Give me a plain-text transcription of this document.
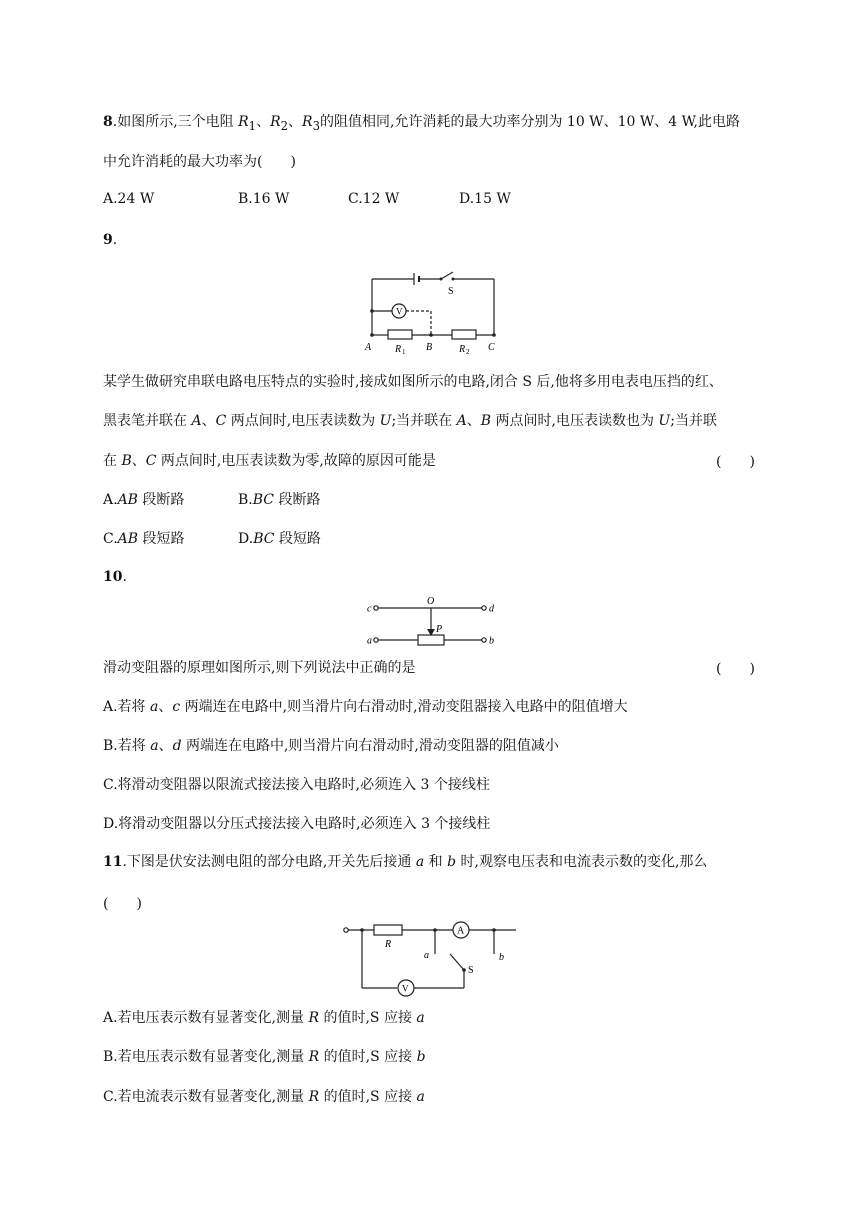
8.如图所示,三个电阻 $R_1$、$R_2$、$R_3$的阻值相同,允许消耗的最大功率分别为 10 W、10 W、4 W,此电路
中允许消耗的最大功率为(　　)
A.24 W	B.16 W	C.12 W	D.15 W
9.
S
V
A R 1 B	R 2 C
某学生做研究串联电路电压特点的实验时,接成如图所示的电路,闭合 S 后,他将多用电表电压挡的红、
黑表笔并联在 A、C 两点间时,电压表读数为 U;当并联在 A、B 两点间时,电压表读数也为 U;当并联
在 B、C 两点间时,电压表读数为零,故障的原因可能是	(　　)
A.AB 段断路	B.BC 段断路
C.AB 段短路	D.BC 段短路
10.
c
O
d
a
P
b
滑动变阻器的原理如图所示,则下列说法中正确的是	(　　)
A.若将 a、c 两端连在电路中,则当滑片向右滑动时,滑动变阻器接入电路中的阻值增大
B.若将 a、d 两端连在电路中,则当滑片向右滑动时,滑动变阻器的阻值减小
C.将滑动变阻器以限流式接法接入电路时,必须连入 3 个接线柱
D.将滑动变阻器以分压式接法接入电路时,必须连入 3 个接线柱
11.下图是伏安法测电阻的部分电路,开关先后接通 a 和 b 时,观察电压表和电流表示数的变化,那么
(　　)
R
A
a
S
b
V
A.若电压表示数有显著变化,测量 R 的值时,S 应接 a
B.若电压表示数有显著变化,测量 R 的值时,S 应接 b
C.若电流表示数有显著变化,测量 R 的值时,S 应接 a
